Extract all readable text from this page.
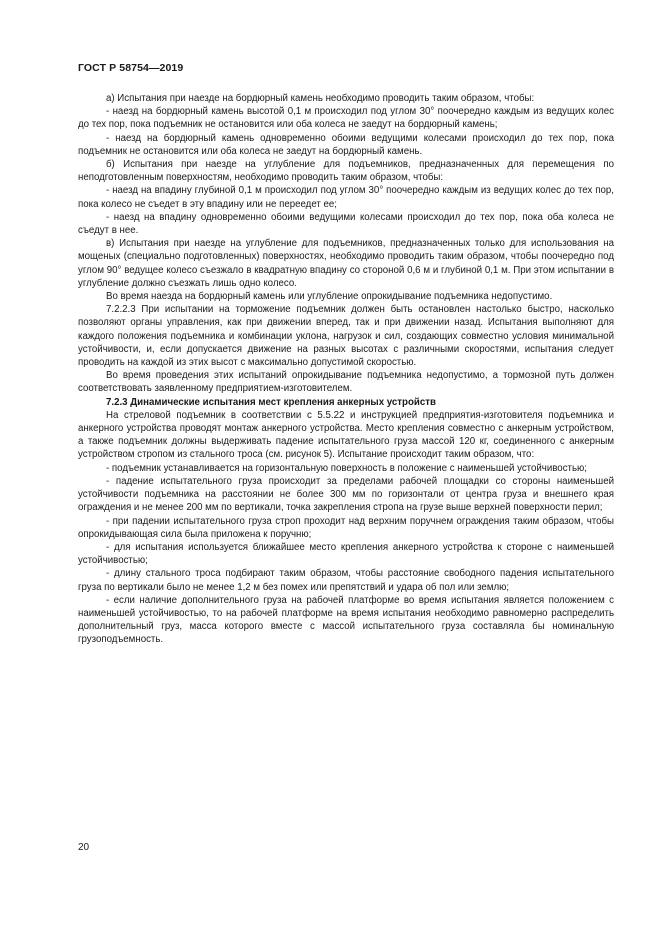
ГОСТ Р 58754—2019

а) Испытания при наезде на бордюрный камень необходимо проводить таким образом, чтобы:

- наезд на бордюрный камень высотой 0,1 м происходил под углом 30° поочередно каждым из ведущих колес до тех пор, пока подъемник не остановится или оба колеса не заедут на бордюрный камень;

- наезд на бордюрный камень одновременно обоими ведущими колесами происходил до тех пор, пока подъемник не остановится или оба колеса не заедут на бордюрный камень.

б) Испытания при наезде на углубление для подъемников, предназначенных для перемещения по неподготовленным поверхностям, необходимо проводить таким образом, чтобы:

- наезд на впадину глубиной 0,1 м происходил под углом 30° поочередно каждым из ведущих колес до тех пор, пока колесо не съедет в эту впадину или не переедет ее;

- наезд на впадину одновременно обоими ведущими колесами происходил до тех пор, пока оба колеса не съедут в нее.

в) Испытания при наезде на углубление для подъемников, предназначенных только для использования на мощеных (специально подготовленных) поверхностях, необходимо проводить таким образом, чтобы поочередно под углом 90° ведущее колесо съезжало в квадратную впадину со стороной 0,6 м и глубиной 0,1 м. При этом испытании в углубление должно съезжать лишь одно колесо.

Во время наезда на бордюрный камень или углубление опрокидывание подъемника недопустимо.

7.2.2.3 При испытании на торможение подъемник должен быть остановлен настолько быстро, насколько позволяют органы управления, как при движении вперед, так и при движении назад. Испытания выполняют для каждого положения подъемника и комбинации уклона, нагрузок и сил, создающих совместно условия минимальной устойчивости, и, если допускается движение на разных высотах с различными скоростями, испытания следует проводить на каждой из этих высот с максимально допустимой скоростью.

Во время проведения этих испытаний опрокидывание подъемника недопустимо, а тормозной путь должен соответствовать заявленному предприятием-изготовителем.

7.2.3 Динамические испытания мест крепления анкерных устройств

На стреловой подъемник в соответствии с 5.5.22 и инструкцией предприятия-изготовителя подъемника и анкерного устройства проводят монтаж анкерного устройства. Место крепления совместно с анкерным устройством, а также подъемник должны выдерживать падение испытательного груза массой 120 кг, соединенного с анкерным устройством стропом из стального троса (см. рисунок 5). Испытание происходит таким образом, что:

- подъемник устанавливается на горизонтальную поверхность в положение с наименьшей устойчивостью;

- падение испытательного груза происходит за пределами рабочей площадки со стороны наименьшей устойчивости подъемника на расстоянии не более 300 мм по горизонтали от центра груза и внешнего края ограждения и не менее 200 мм по вертикали, точка закрепления стропа на грузе выше верхней поверхности перил;

- при падении испытательного груза строп проходит над верхним поручнем ограждения таким образом, чтобы опрокидывающая сила была приложена к поручню;

- для испытания используется ближайшее место крепления анкерного устройства к стороне с наименьшей устойчивостью;

- длину стального троса подбирают таким образом, чтобы расстояние свободного падения испытательного груза по вертикали было не менее 1,2 м без помех или препятствий и удара об пол или землю;

- если наличие дополнительного груза на рабочей платформе во время испытания является положением с наименьшей устойчивостью, то на рабочей платформе на время испытания необходимо равномерно распределить дополнительный груз, масса которого вместе с массой испытательного груза составляла бы номинальную грузоподъемность.

20
